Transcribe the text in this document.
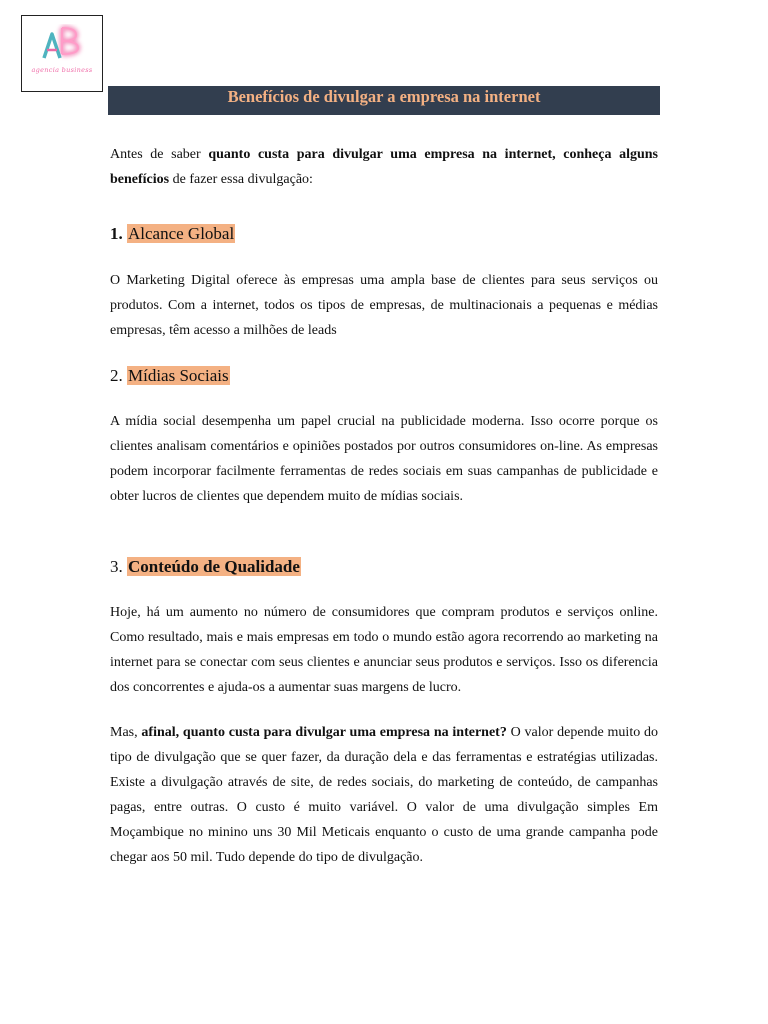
agencia business
Benefícios de divulgar a empresa na internet
Antes de saber quanto custa para divulgar uma empresa na internet, conheça alguns benefícios de fazer essa divulgação:
1. Alcance Global
O Marketing Digital oferece às empresas uma ampla base de clientes para seus serviços ou produtos. Com a internet, todos os tipos de empresas, de multinacionais a pequenas e médias empresas, têm acesso a milhões de leads
2. Mídias Sociais
A mídia social desempenha um papel crucial na publicidade moderna. Isso ocorre porque os clientes analisam comentários e opiniões postados por outros consumidores on-line. As empresas podem incorporar facilmente ferramentas de redes sociais em suas campanhas de publicidade e obter lucros de clientes que dependem muito de mídias sociais.
3. Conteúdo de Qualidade
Hoje, há um aumento no número de consumidores que compram produtos e serviços online. Como resultado, mais e mais empresas em todo o mundo estão agora recorrendo ao marketing na internet para se conectar com seus clientes e anunciar seus produtos e serviços. Isso os diferencia dos concorrentes e ajuda-os a aumentar suas margens de lucro.
Mas, afinal, quanto custa para divulgar uma empresa na internet? O valor depende muito do tipo de divulgação que se quer fazer, da duração dela e das ferramentas e estratégias utilizadas. Existe a divulgação através de site, de redes sociais, do marketing de conteúdo, de campanhas pagas, entre outras. O custo é muito variável. O valor de uma divulgação simples Em Moçambique no minino uns 30 Mil Meticais enquanto o custo de uma grande campanha pode chegar aos 50 mil. Tudo depende do tipo de divulgação.
